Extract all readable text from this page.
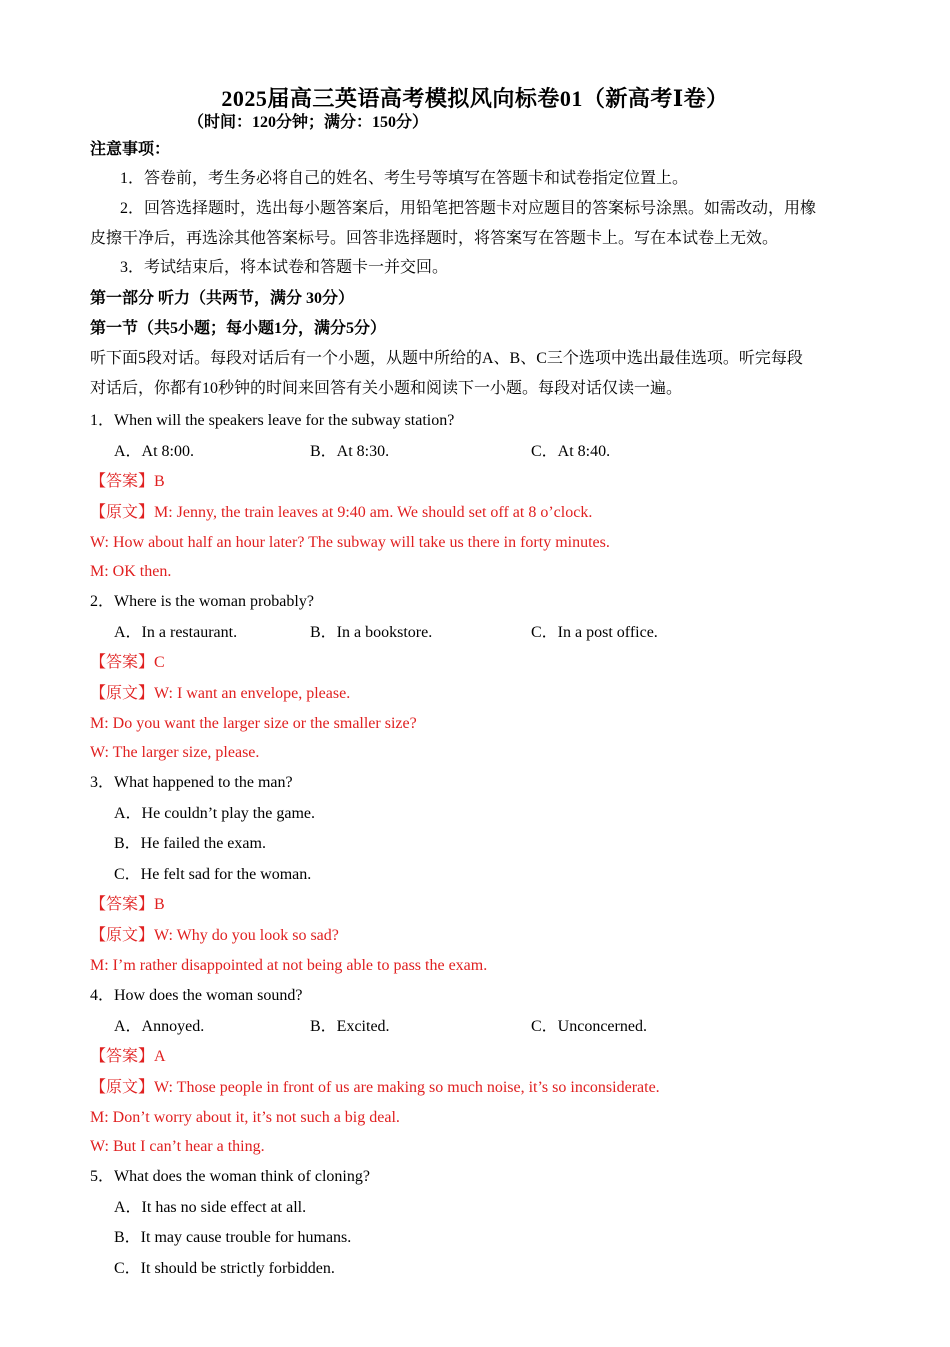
2025届高三英语高考模拟风向标卷01（新高考Ⅰ卷）
（时间：120分钟；满分：150分）
注意事项：
1．答卷前，考生务必将自己的姓名、考生号等填写在答题卡和试卷指定位置上。
2．回答选择题时，选出每小题答案后，用铅笔把答题卡对应题目的答案标号涂黑。如需改动，用橡
皮擦干净后，再选涂其他答案标号。回答非选择题时，将答案写在答题卡上。写在本试卷上无效。
3．考试结束后，将本试卷和答题卡一并交回。
第一部分 听力（共两节，满分 30分）
第一节（共5小题；每小题1分，满分5分）
听下面5段对话。每段对话后有一个小题，从题中所给的A、B、C三个选项中选出最佳选项。听完每段
对话后，你都有10秒钟的时间来回答有关小题和阅读下一小题。每段对话仅读一遍。
1．When will the speakers leave for the subway station?
A．At 8:00.	B．At 8:30.	C．At 8:40.
【答案】B
【原文】M: Jenny, the train leaves at 9:40 am. We should set off at 8 o’clock.
W: How about half an hour later? The subway will take us there in forty minutes.
M: OK then.
2．Where is the woman probably?
A．In a restaurant.	B．In a bookstore.	C．In a post office.
【答案】C
【原文】W: I want an envelope, please.
M: Do you want the larger size or the smaller size?
W: The larger size, please.
3．What happened to the man?
A．He couldn’t play the game.
B．He failed the exam.
C．He felt sad for the woman.
【答案】B
【原文】W: Why do you look so sad?
M: I’m rather disappointed at not being able to pass the exam.
4．How does the woman sound?
A．Annoyed.	B．Excited.	C．Unconcerned.
【答案】A
【原文】W: Those people in front of us are making so much noise, it’s so inconsiderate.
M: Don’t worry about it, it’s not such a big deal.
W: But I can’t hear a thing.
5．What does the woman think of cloning?
A．It has no side effect at all.
B．It may cause trouble for humans.
C．It should be strictly forbidden.
